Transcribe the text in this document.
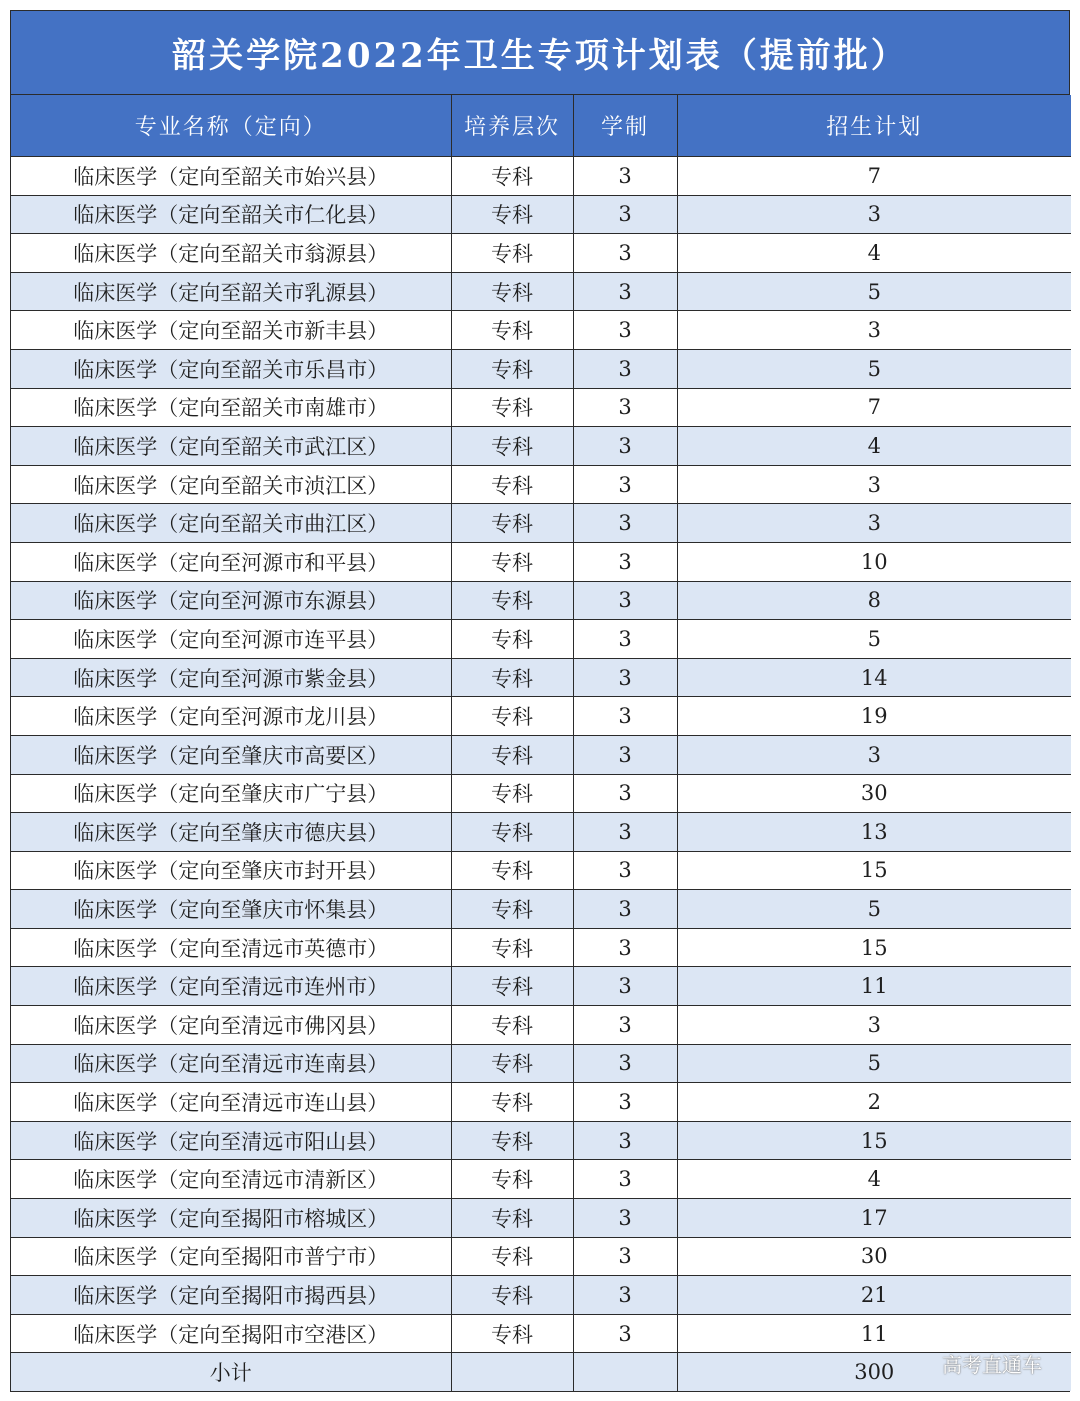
韶关学院2022年卫生专项计划表（提前批）
专业名称（定向）	培养层次	学制	招生计划
临床医学（定向至韶关市始兴县）	专科	3	7
临床医学（定向至韶关市仁化县）	专科	3	3
临床医学（定向至韶关市翁源县）	专科	3	4
临床医学（定向至韶关市乳源县）	专科	3	5
临床医学（定向至韶关市新丰县）	专科	3	3
临床医学（定向至韶关市乐昌市）	专科	3	5
临床医学（定向至韶关市南雄市）	专科	3	7
临床医学（定向至韶关市武江区）	专科	3	4
临床医学（定向至韶关市浈江区）	专科	3	3
临床医学（定向至韶关市曲江区）	专科	3	3
临床医学（定向至河源市和平县）	专科	3	10
临床医学（定向至河源市东源县）	专科	3	8
临床医学（定向至河源市连平县）	专科	3	5
临床医学（定向至河源市紫金县）	专科	3	14
临床医学（定向至河源市龙川县）	专科	3	19
临床医学（定向至肇庆市高要区）	专科	3	3
临床医学（定向至肇庆市广宁县）	专科	3	30
临床医学（定向至肇庆市德庆县）	专科	3	13
临床医学（定向至肇庆市封开县）	专科	3	15
临床医学（定向至肇庆市怀集县）	专科	3	5
临床医学（定向至清远市英德市）	专科	3	15
临床医学（定向至清远市连州市）	专科	3	11
临床医学（定向至清远市佛冈县）	专科	3	3
临床医学（定向至清远市连南县）	专科	3	5
临床医学（定向至清远市连山县）	专科	3	2
临床医学（定向至清远市阳山县）	专科	3	15
临床医学（定向至清远市清新区）	专科	3	4
临床医学（定向至揭阳市榕城区）	专科	3	17
临床医学（定向至揭阳市普宁市）	专科	3	30
临床医学（定向至揭阳市揭西县）	专科	3	21
临床医学（定向至揭阳市空港区）	专科	3	11
小计			300 高考直通车
